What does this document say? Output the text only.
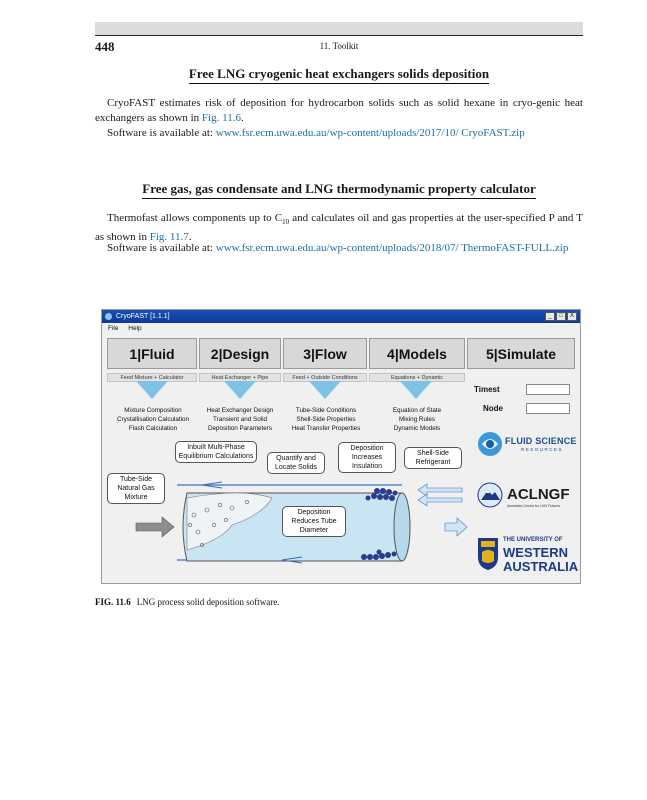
448	11. Toolkit
Free LNG cryogenic heat exchangers solids deposition

CryoFAST estimates risk of deposition for hydrocarbon solids such as solid hexane in cryo-genic heat exchangers as shown in Fig. 11.6.

Software is available at: www.fsr.ecm.uwa.edu.au/wp-content/uploads/2017/10/ CryoFAST.zip

Free gas, gas condensate and LNG thermodynamic property calculator

Thermofast allows components up to $C_{10}$ and calculates oil and gas properties at the user-specified P and T as shown in Fig. 11.7.

Software is available at: www.fsr.ecm.uwa.edu.au/wp-content/uploads/2018/07/ ThermoFAST-FULL.zip

CryoFAST [1.1.1]	_	□	X
File Help
1|Fluid	2|Design	3|Flow	4|Models	5|Simulate
Feed Mixture + Calculator	Heat Exchanger + Pipe	Feed + Outside Conditions	Equations + Dynamic
Mixture Composition
Crystallisation Calculation
Flash Calculation
Heat Exchanger Design
Transient and Solid
Deposition Parameters
Tube-Side Conditions
Shell-Side Properties
Heat Transfer Properties
Equation of State
Mixing Rules
Dynamic Models
Timest
Node
Tube-Side Natural Gas Mixture
Inbuilt Multi-Phase Equilibrium Calculations	Quantify and Locate Solids
Deposition Increases Insulation
Shell-Side Refrigerant
Deposition Reduces Tube Diameter
FLUID SCIENCE
RESOURCES
ACLNGF
Australian Centre for LNG Futures
THE UNIVERSITY OF
WESTERN
AUSTRALIA
FIG. 11.6 LNG process solid deposition software.
